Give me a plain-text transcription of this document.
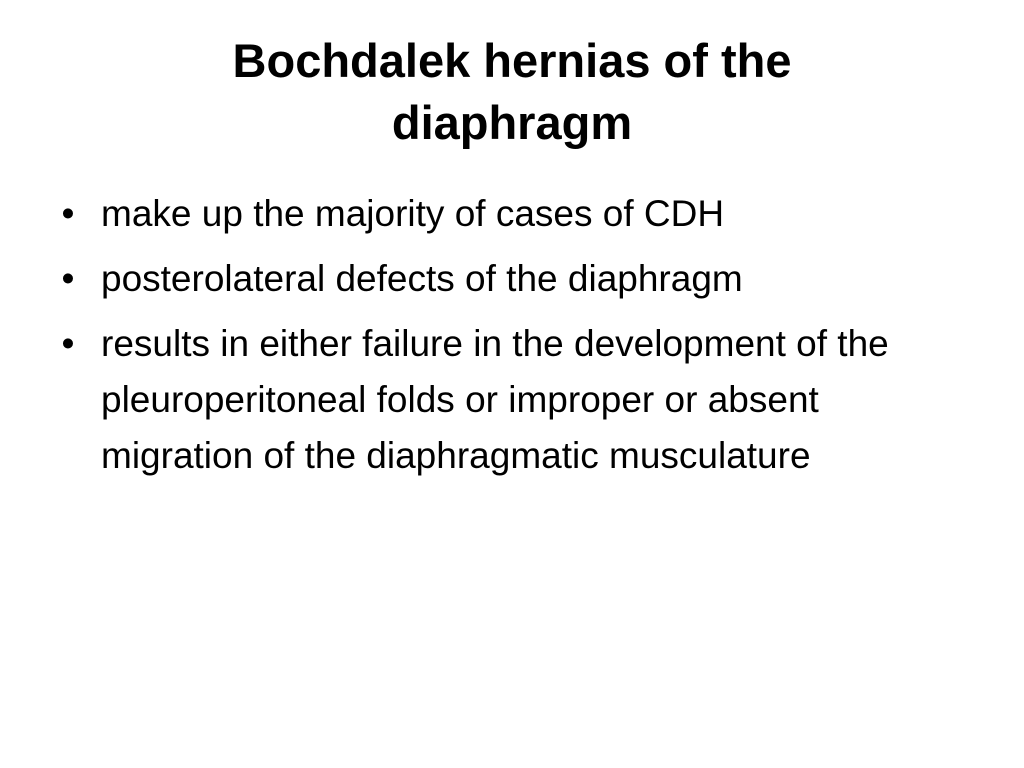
Bochdalek hernias of the
diaphragm
• make up the majority of cases of CDH
• posterolateral defects of the diaphragm
• results in either failure in the development of the pleuroperitoneal folds or improper or absent migration of the diaphragmatic musculature
